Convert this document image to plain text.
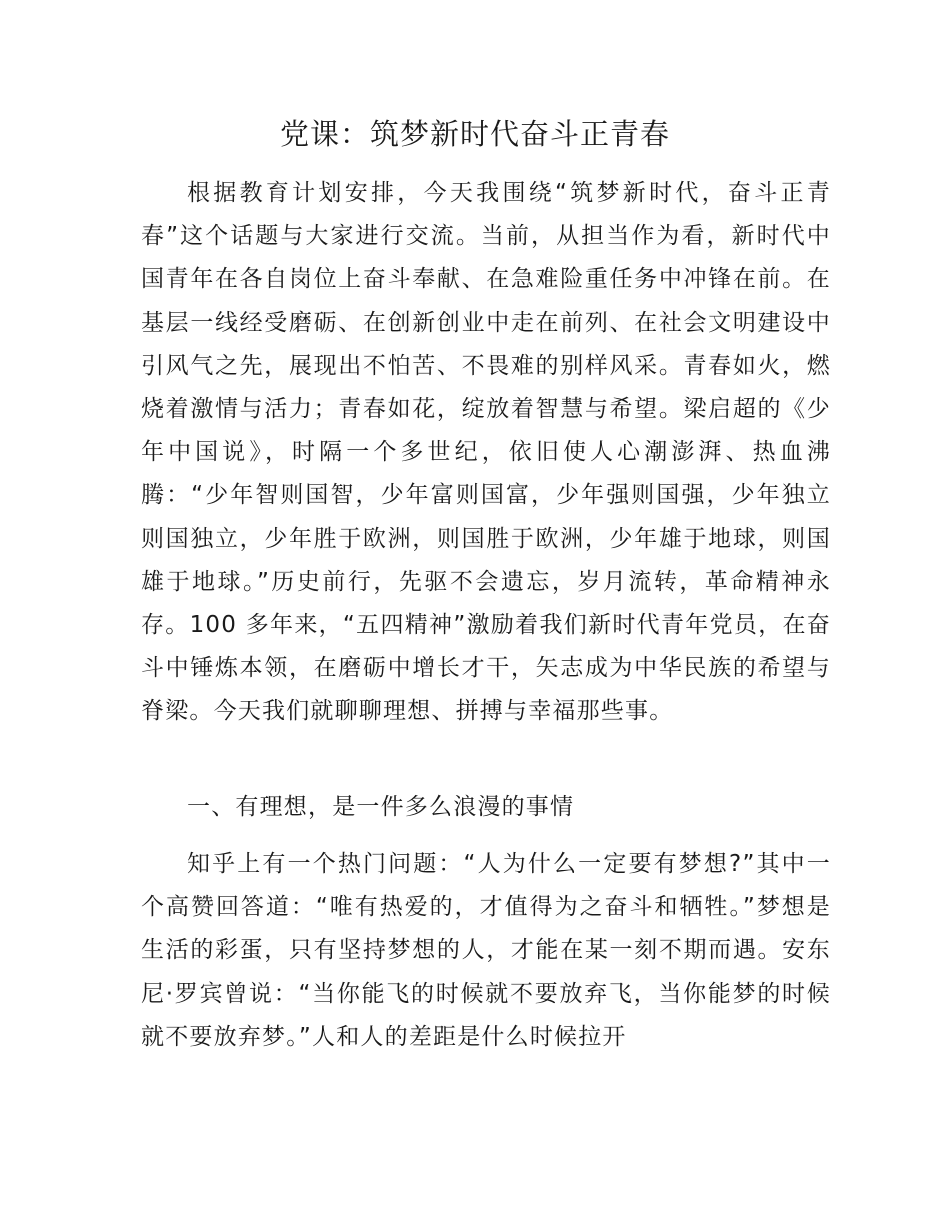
党课：筑梦新时代奋斗正青春

根据教育计划安排，今天我围绕“筑梦新时代，奋斗正青春”这个话题与大家进行交流。当前，从担当作为看，新时代中国青年在各自岗位上奋斗奉献、在急难险重任务中冲锋在前。在基层一线经受磨砺、在创新创业中走在前列、在社会文明建设中引风气之先，展现出不怕苦、不畏难的别样风采。青春如火，燃烧着激情与活力；青春如花，绽放着智慧与希望。梁启超的《少年中国说》，时隔一个多世纪，依旧使人心潮澎湃、热血沸腾：“少年智则国智，少年富则国富，少年强则国强，少年独立则国独立，少年胜于欧洲，则国胜于欧洲，少年雄于地球，则国雄于地球。”历史前行，先驱不会遗忘，岁月流转，革命精神永存。100 多年来，“五四精神”激励着我们新时代青年党员，在奋斗中锤炼本领，在磨砺中增长才干，矢志成为中华民族的希望与脊梁。今天我们就聊聊理想、拼搏与幸福那些事。

一、有理想，是一件多么浪漫的事情

知乎上有一个热门问题：“人为什么一定要有梦想?”其中一个高赞回答道：“唯有热爱的，才值得为之奋斗和牺牲。”梦想是生活的彩蛋，只有坚持梦想的人，才能在某一刻不期而遇。安东尼·罗宾曾说：“当你能飞的时候就不要放弃飞，当你能梦的时候就不要放弃梦。”人和人的差距是什么时候拉开
